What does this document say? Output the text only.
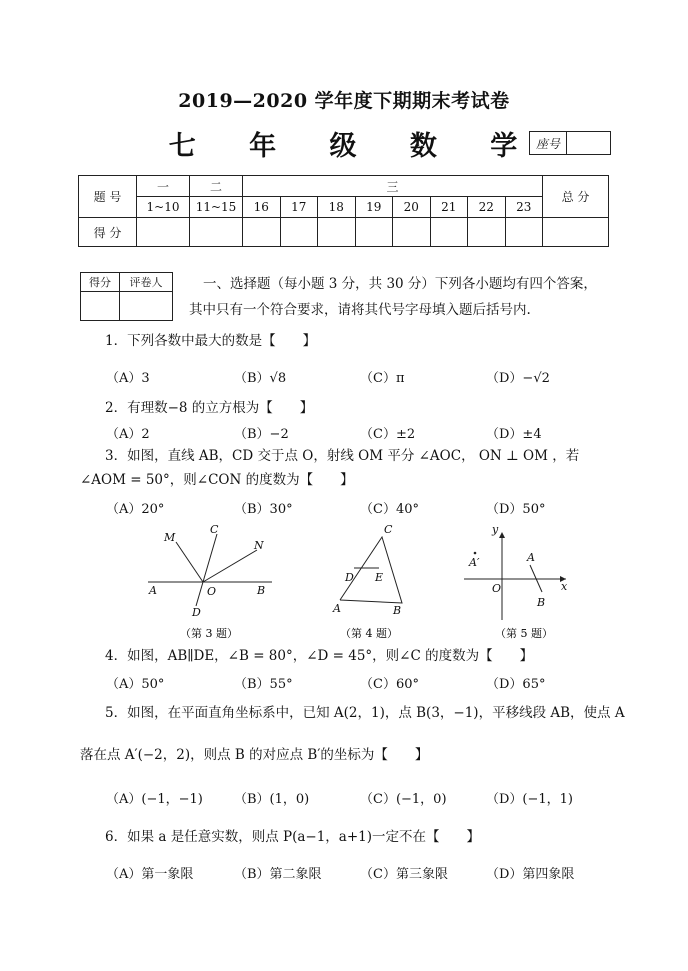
2019—2020 学年度下期期末考试卷
七 年 级 数 学
座号
题 号	一	二	三								总 分
	1~10	11~15	16	17	18	19	20	21	22	23	
得 分											
得分	评卷人
		一、选择题（每小题 3 分，共 30 分）下列各小题均有四个答案，
其中只有一个符合要求，请将其代号字母填入题后括号内.
1．下列各数中最大的数是【　　】
（A）3	（B）√8	（C）π	（D）−√2
2．有理数−8 的立方根为【　　】
（A）2	（B）−2	（C）±2	（D）±4
3．如图，直线 AB，CD 交于点 O，射线 OM 平分 ∠AOC， ON ⊥ OM ，若
∠AOM = 50°，则∠CON 的度数为【　　】
（A）20°	（B）30°	（C）40°	（D）50°
M
C
N
A	O	B
D
（第 3 题）
C
D E
A	B
（第 4 题）
y
A′	A
O	x
B
（第 5 题）
4．如图，AB∥DE，∠B = 80°，∠D = 45°，则∠C 的度数为【　　】
（A）50°	（B）55°	（C）60°	（D）65°
5．如图，在平面直角坐标系中，已知 A(2，1)，点 B(3，−1)，平移线段 AB，使点 A
落在点 A′(−2，2)，则点 B 的对应点 B′的坐标为【　　】
（A）(−1，−1) （B）(1，0)	（C）(−1，0)	（D）(−1，1)
6．如果 a 是任意实数，则点 P(a−1，a+1)一定不在【　　】
（A）第一象限	（B）第二象限	（C）第三象限	（D）第四象限
